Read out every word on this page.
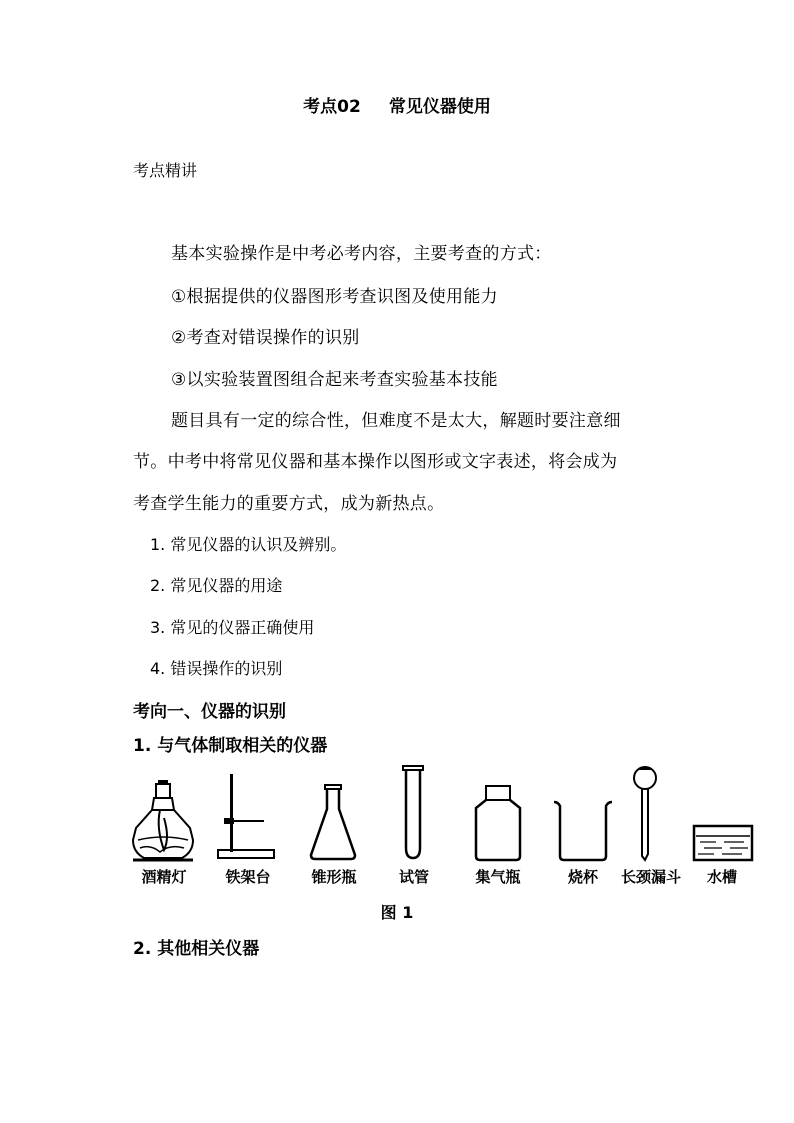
考点02 常见仪器使用
考点精讲
基本实验操作是中考必考内容，主要考查的方式：
①根据提供的仪器图形考查识图及使用能力
②考查对错误操作的识别
③以实验装置图组合起来考查实验基本技能
题目具有一定的综合性，但难度不是太大，解题时要注意细
节。中考中将常见仪器和基本操作以图形或文字表述，将会成为
考查学生能力的重要方式，成为新热点。
1. 常见仪器的认识及辨别。
2. 常见仪器的用途
3. 常见的仪器正确使用
4. 错误操作的识别
考向一、仪器的识别
1. 与气体制取相关的仪器
酒精灯	铁架台	锥形瓶	试管	集气瓶	烧杯	长颈漏斗	水槽
图 1
2. 其他相关仪器
